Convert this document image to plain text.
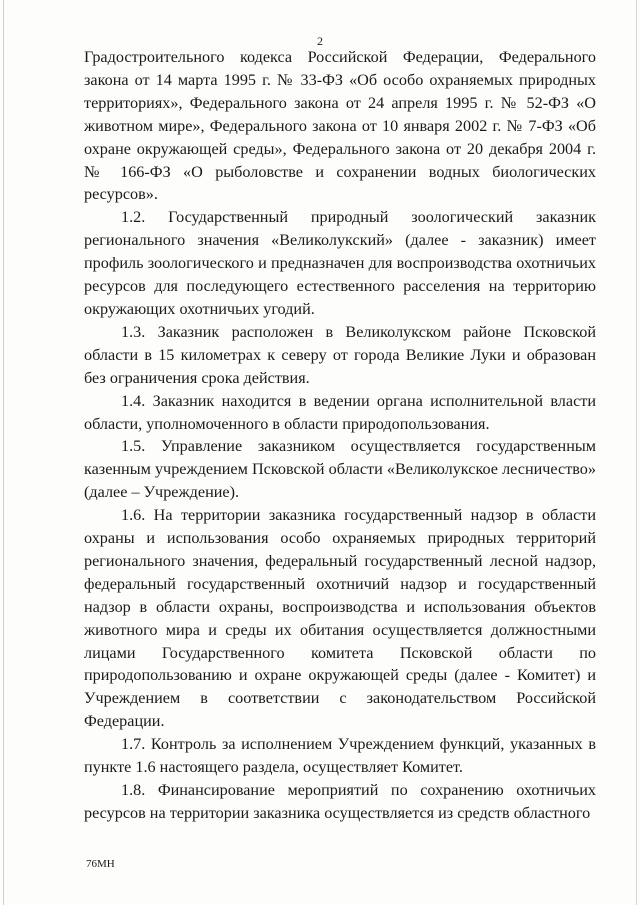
2

Градостроительного кодекса Российской Федерации, Федерального закона от 14 марта 1995 г. № 33-ФЗ «Об особо охраняемых природных территориях», Федерального закона от 24 апреля 1995 г. № 52-ФЗ «О животном мире», Федерального закона от 10 января 2002 г. № 7-ФЗ «Об охране окружающей среды», Федерального закона от 20 декабря 2004 г. № 166-ФЗ «О рыболовстве и сохранении водных биологических ресурсов».

1.2. Государственный природный зоологический заказник регионального значения «Великолукский» (далее - заказник) имеет профиль зоологического и предназначен для воспроизводства охотничьих ресурсов для последующего естественного расселения на территорию окружающих охотничьих угодий.

1.3. Заказник расположен в Великолукском районе Псковской области в 15 километрах к северу от города Великие Луки и образован без ограничения срока действия.

1.4. Заказник находится в ведении органа исполнительной власти области, уполномоченного в области природопользования.

1.5. Управление заказником осуществляется государственным казенным учреждением Псковской области «Великолукское лесничество» (далее – Учреждение).

1.6. На территории заказника государственный надзор в области охраны и использования особо охраняемых природных территорий регионального значения, федеральный государственный лесной надзор, федеральный государственный охотничий надзор и государственный надзор в области охраны, воспроизводства и использования объектов животного мира и среды их обитания осуществляется должностными лицами Государственного комитета Псковской области по природопользованию и охране окружающей среды (далее - Комитет) и Учреждением в соответствии с законодательством Российской Федерации.

1.7. Контроль за исполнением Учреждением функций, указанных в пункте 1.6 настоящего раздела, осуществляет Комитет.

1.8. Финансирование мероприятий по сохранению охотничьих ресурсов на территории заказника осуществляется из средств областного

76МН
